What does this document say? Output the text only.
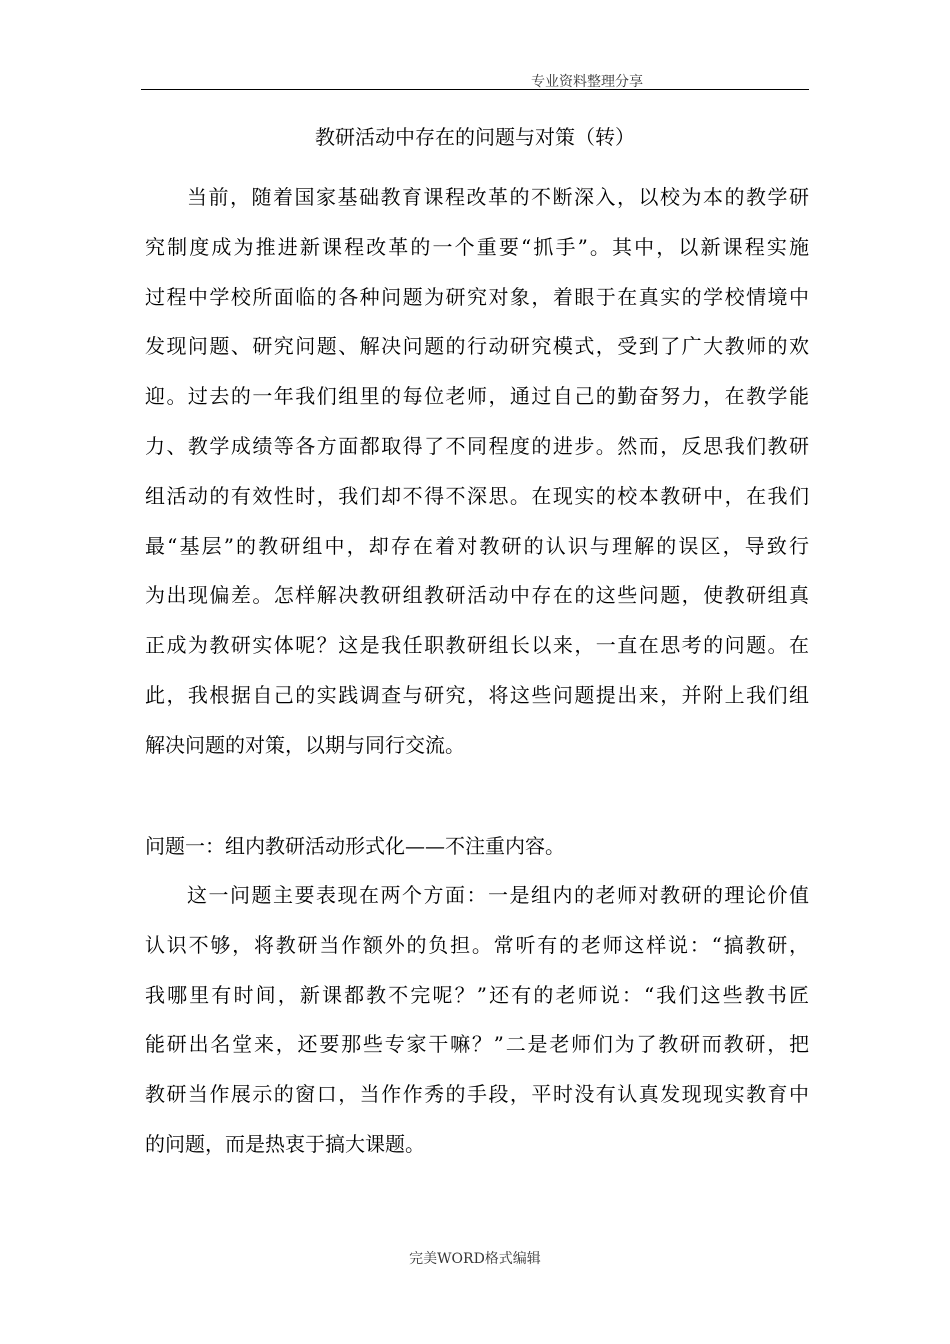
专业资料整理分享
教研活动中存在的问题与对策（转）
当前，随着国家基础教育课程改革的不断深入，以校为本的教学研
究制度成为推进新课程改革的一个重要“抓手”。其中，以新课程实施
过程中学校所面临的各种问题为研究对象，着眼于在真实的学校情境中
发现问题、研究问题、解决问题的行动研究模式，受到了广大教师的欢
迎。过去的一年我们组里的每位老师，通过自己的勤奋努力，在教学能
力、教学成绩等各方面都取得了不同程度的进步。然而，反思我们教研
组活动的有效性时，我们却不得不深思。在现实的校本教研中，在我们
最“基层”的教研组中，却存在着对教研的认识与理解的误区，导致行
为出现偏差。怎样解决教研组教研活动中存在的这些问题，使教研组真
正成为教研实体呢？这是我任职教研组长以来，一直在思考的问题。在
此，我根据自己的实践调查与研究，将这些问题提出来，并附上我们组
解决问题的对策，以期与同行交流。
问题一：组内教研活动形式化——不注重内容。
这一问题主要表现在两个方面：一是组内的老师对教研的理论价值
认识不够，将教研当作额外的负担。常听有的老师这样说：“搞教研，
我哪里有时间，新课都教不完呢？”还有的老师说：“我们这些教书匠
能研出名堂来，还要那些专家干嘛？”二是老师们为了教研而教研，把
教研当作展示的窗口，当作作秀的手段，平时没有认真发现现实教育中
的问题，而是热衷于搞大课题。
完美WORD格式编辑
